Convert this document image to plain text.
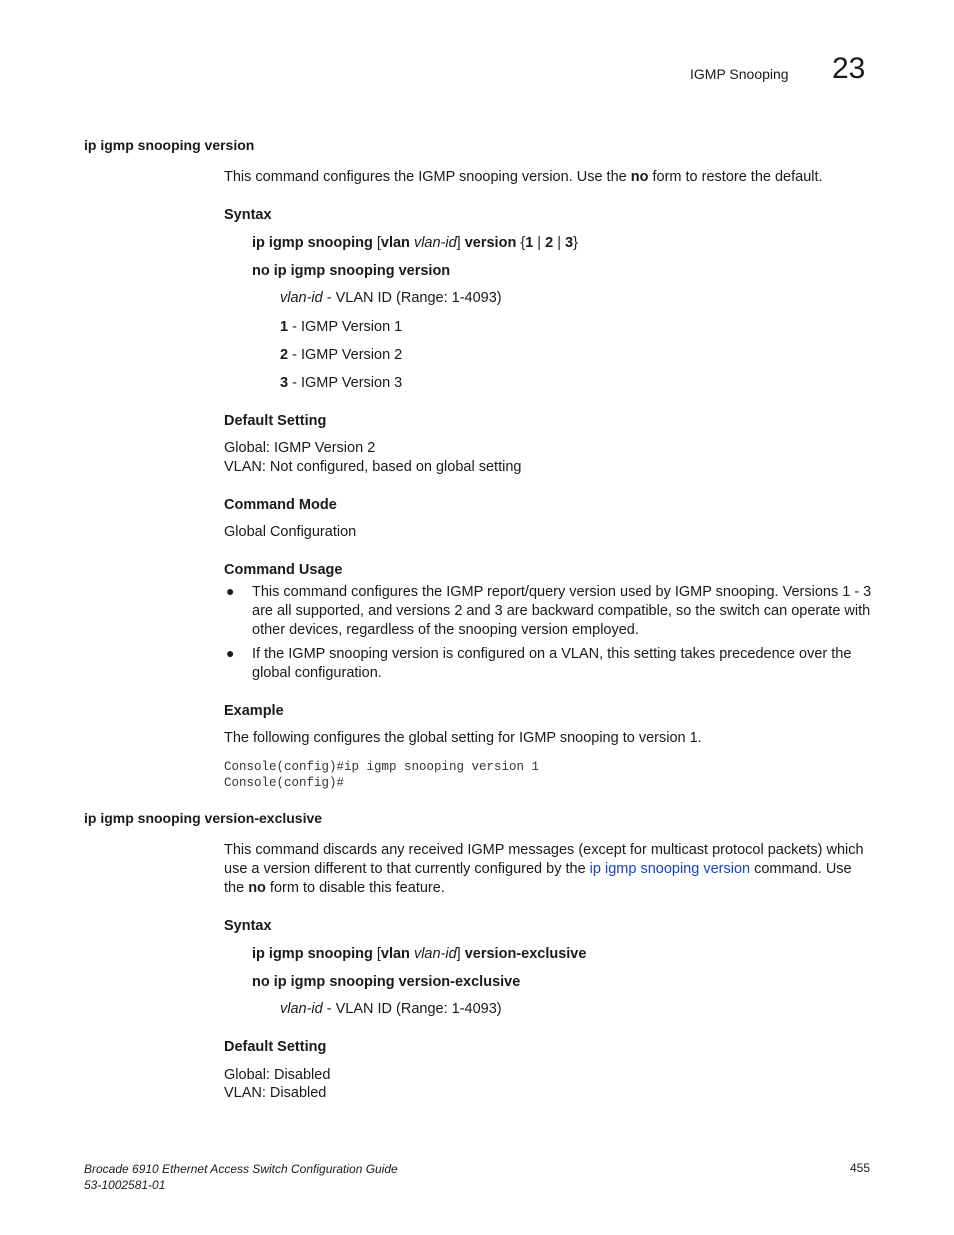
IGMP Snooping 23
ip igmp snooping version
This command configures the IGMP snooping version. Use the no form to restore the default.
Syntax
ip igmp snooping [vlan vlan-id] version {1 | 2 | 3}
no ip igmp snooping version
vlan-id - VLAN ID (Range: 1-4093)
1 - IGMP Version 1
2 - IGMP Version 2
3 - IGMP Version 3
Default Setting
Global: IGMP Version 2
VLAN: Not configured, based on global setting
Command Mode
Global Configuration
Command Usage
● This command configures the IGMP report/query version used by IGMP snooping. Versions 1 - 3 are all supported, and versions 2 and 3 are backward compatible, so the switch can operate with other devices, regardless of the snooping version employed.
● If the IGMP snooping version is configured on a VLAN, this setting takes precedence over the global configuration.
Example
The following configures the global setting for IGMP snooping to version 1.
Console(config)#ip igmp snooping version 1
Console(config)#
ip igmp snooping version-exclusive
This command discards any received IGMP messages (except for multicast protocol packets) which use a version different to that currently configured by the ip igmp snooping version command. Use the no form to disable this feature.
Syntax
ip igmp snooping [vlan vlan-id] version-exclusive
no ip igmp snooping version-exclusive
vlan-id - VLAN ID (Range: 1-4093)
Default Setting
Global: Disabled
VLAN: Disabled
Brocade 6910 Ethernet Access Switch Configuration Guide
53-1002581-01
455
